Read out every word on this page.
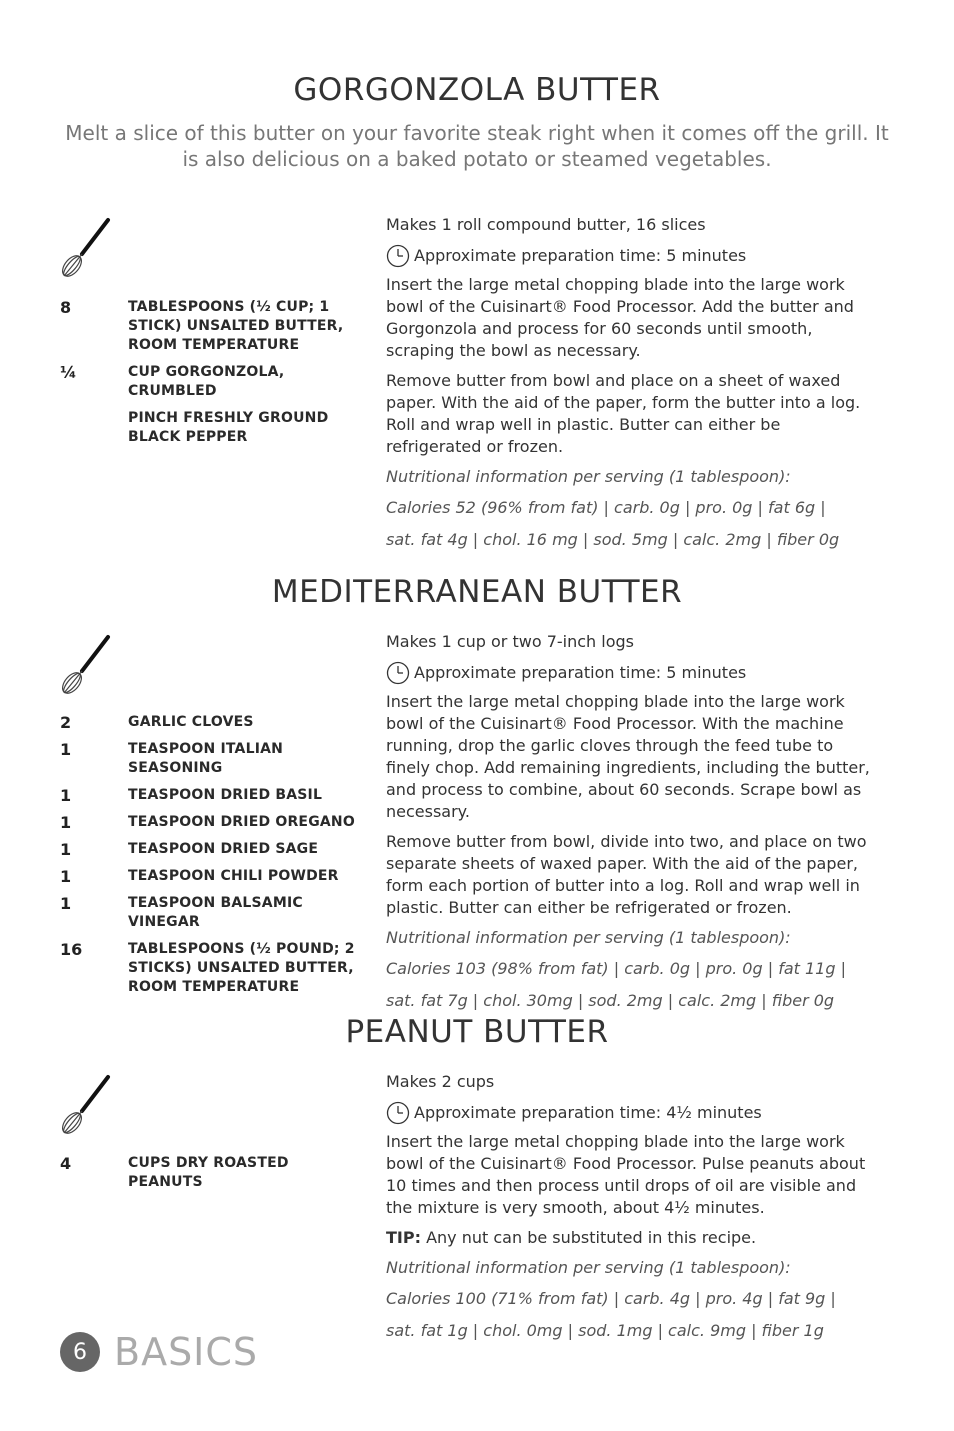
GORGONZOLA BUTTER

Melt a slice of this butter on your favorite steak right when it comes off the grill. It is also delicious on a baked potato or steamed vegetables.

8	TABLESPOONS (½ CUP; 1 STICK) UNSALTED BUTTER, ROOM TEMPERATURE
¼	CUP GORGONZOLA, CRUMBLED
PINCH FRESHLY GROUND BLACK PEPPER

Makes 1 roll compound butter, 16 slices

Approximate preparation time: 5 minutes

Insert the large metal chopping blade into the large work bowl of the Cuisinart® Food Processor. Add the butter and Gorgonzola and process for 60 seconds until smooth, scraping the bowl as necessary.

Remove butter from bowl and place on a sheet of waxed paper. With the aid of the paper, form the butter into a log. Roll and wrap well in plastic. Butter can either be refrigerated or frozen.

Nutritional information per serving (1 tablespoon):

Calories 52 (96% from fat) | carb. 0g | pro. 0g | fat 6g |

sat. fat 4g | chol. 16 mg | sod. 5mg | calc. 2mg | fiber 0g

MEDITERRANEAN BUTTER
2	GARLIC CLOVES
1	TEASPOON ITALIAN SEASONING
1	TEASPOON DRIED BASIL
1	TEASPOON DRIED OREGANO
1	TEASPOON DRIED SAGE
1	TEASPOON CHILI POWDER
1	TEASPOON BALSAMIC VINEGAR
16	TABLESPOONS (½ POUND; 2 STICKS) UNSALTED BUTTER, ROOM TEMPERATURE

Makes 1 cup or two 7-inch logs

Approximate preparation time: 5 minutes

Insert the large metal chopping blade into the large work bowl of the Cuisinart® Food Processor. With the machine running, drop the garlic cloves through the feed tube to finely chop. Add remaining ingredients, including the butter, and process to combine, about 60 seconds. Scrape bowl as necessary.

Remove butter from bowl, divide into two, and place on two separate sheets of waxed paper. With the aid of the paper, form each portion of butter into a log. Roll and wrap well in plastic. Butter can either be refrigerated or frozen.

Nutritional information per serving (1 tablespoon):

Calories 103 (98% from fat) | carb. 0g | pro. 0g | fat 11g |

sat. fat 7g | chol. 30mg | sod. 2mg | calc. 2mg | fiber 0g

PEANUT BUTTER
4	CUPS DRY ROASTED PEANUTS

Makes 2 cups

Approximate preparation time: 4½ minutes

Insert the large metal chopping blade into the large work bowl of the Cuisinart® Food Processor. Pulse peanuts about 10 times and then process until drops of oil are visible and the mixture is very smooth, about 4½ minutes.

TIP: Any nut can be substituted in this recipe.

Nutritional information per serving (1 tablespoon):

Calories 100 (71% from fat) | carb. 4g | pro. 4g | fat 9g |

sat. fat 1g | chol. 0mg | sod. 1mg | calc. 9mg | fiber 1g

6 BASICS
